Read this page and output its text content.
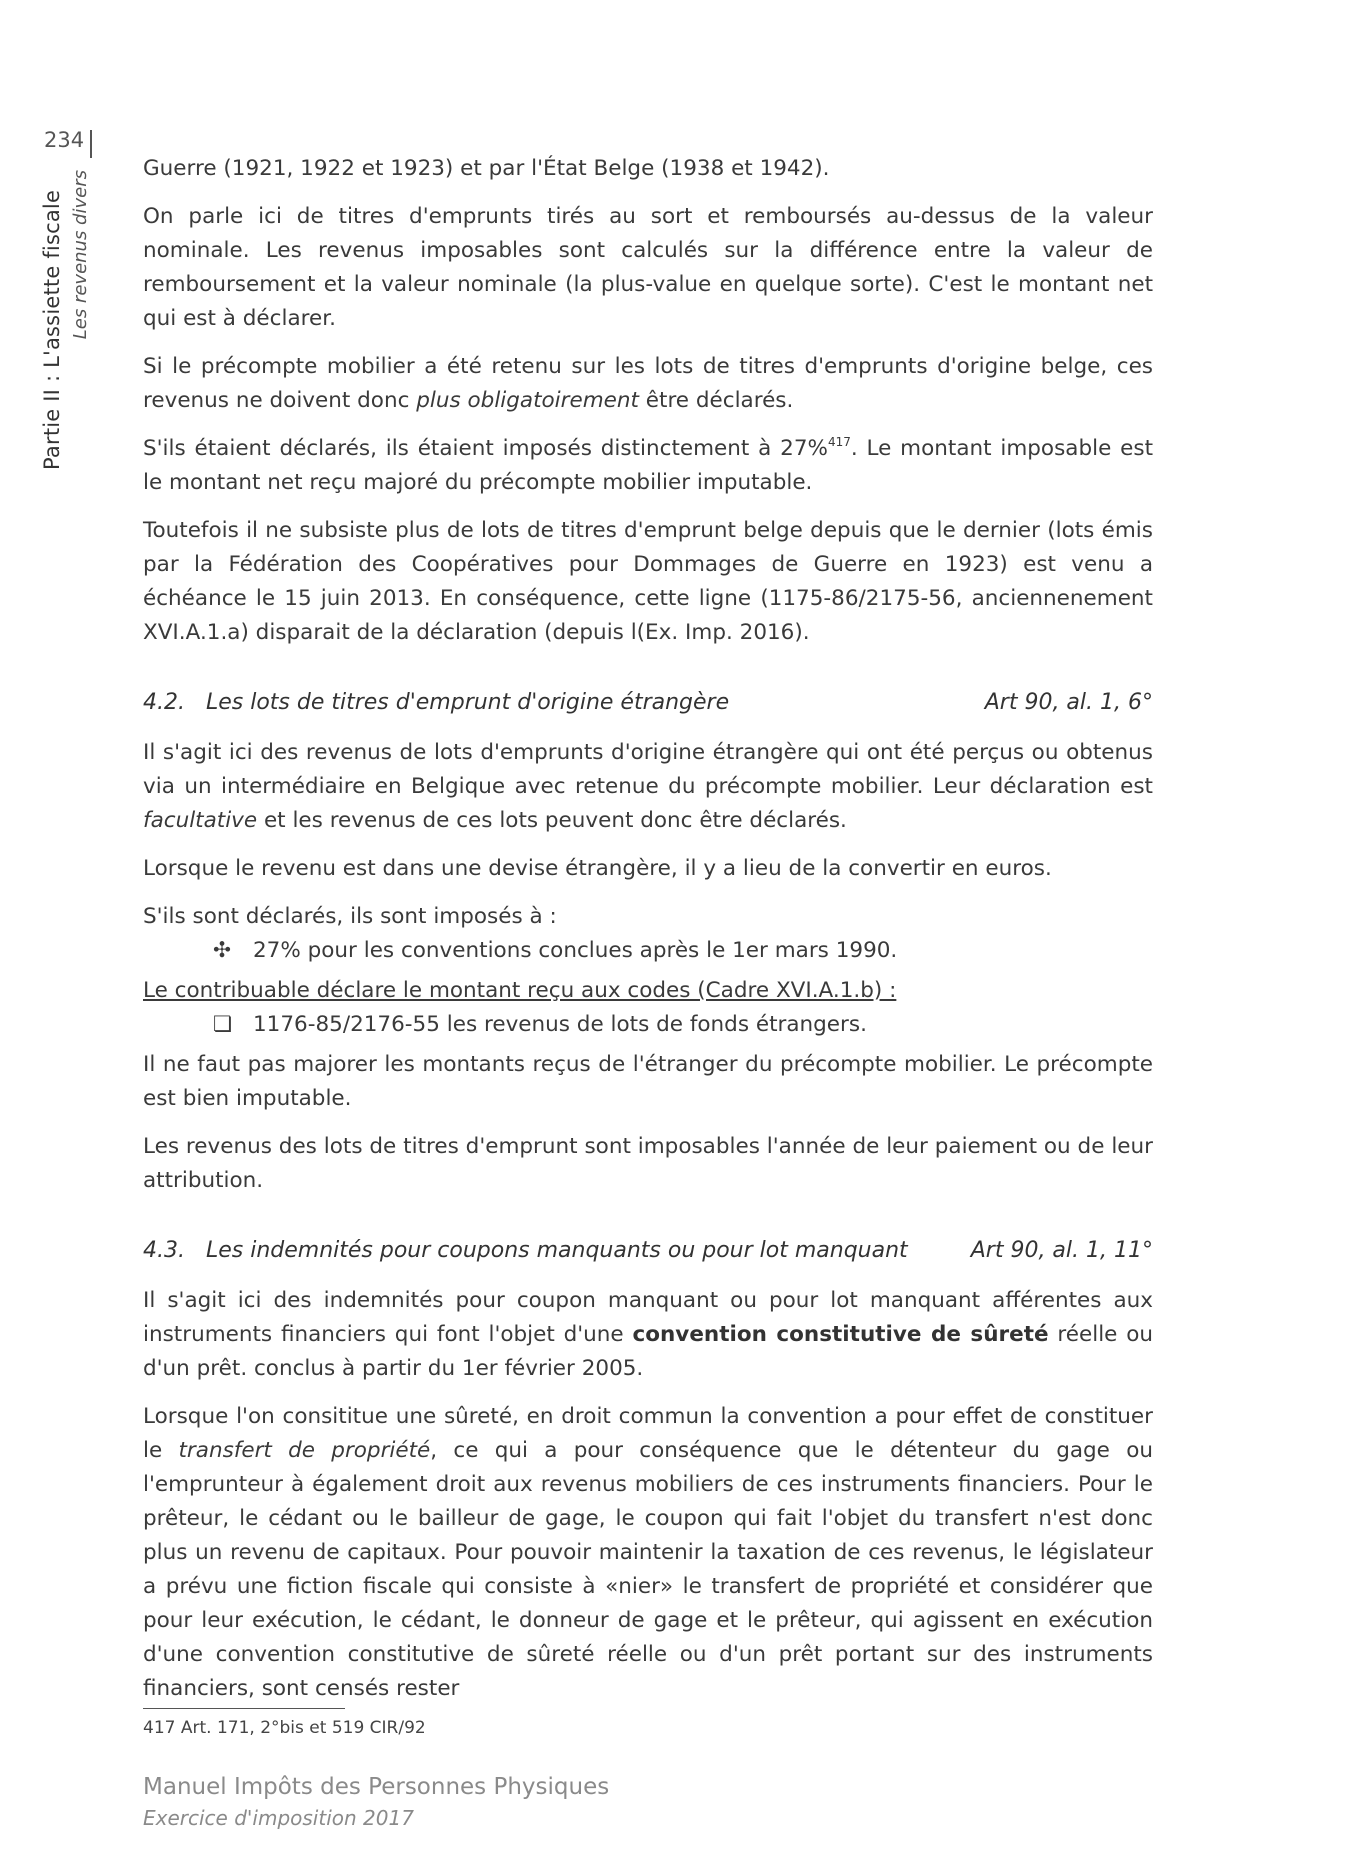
234
Partie II : L'assiette fiscale Les revenus divers

Guerre (1921, 1922 et 1923) et par l'État Belge (1938 et 1942).

On parle ici de titres d'emprunts tirés au sort et remboursés au-dessus de la valeur nominale. Les revenus imposables sont calculés sur la différence entre la valeur de remboursement et la valeur nominale (la plus-value en quelque sorte). C'est le montant net qui est à déclarer.

Si le précompte mobilier a été retenu sur les lots de titres d'emprunts d'origine belge, ces revenus ne doivent donc plus obligatoirement être déclarés.

S'ils étaient déclarés, ils étaient imposés distinctement à 27%$^{417}$. Le montant imposable est le montant net reçu majoré du précompte mobilier imputable.

Toutefois il ne subsiste plus de lots de titres d'emprunt belge depuis que le dernier (lots émis par la Fédération des Coopératives pour Dommages de Guerre en 1923) est venu a échéance le 15 juin 2013. En conséquence, cette ligne (1175-86/2175-56, anciennenement XVI.A.1.a) disparait de la déclaration (depuis l(Ex. Imp. 2016).

4.2.   Les lots de titres d'emprunt d'origine étrangère	Art 90, al. 1, 6°

Il s'agit ici des revenus de lots d'emprunts d'origine étrangère qui ont été perçus ou obtenus via un intermédiaire en Belgique avec retenue du précompte mobilier. Leur déclaration est facultative et les revenus de ces lots peuvent donc être déclarés.

Lorsque le revenu est dans une devise étrangère, il y a lieu de la convertir en euros.

S'ils sont déclarés, ils sont imposés à :

✣ 27% pour les conventions conclues après le 1er mars 1990.

Le contribuable déclare le montant reçu aux codes (Cadre XVI.A.1.b) :

❏ 1176-85/2176-55 les revenus de lots de fonds étrangers.

Il ne faut pas majorer les montants reçus de l'étranger du précompte mobilier. Le précompte est bien imputable.

Les revenus des lots de titres d'emprunt sont imposables l'année de leur paiement ou de leur attribution.

4.3.   Les indemnités pour coupons manquants ou pour lot manquant	Art 90, al. 1, 11°

Il s'agit ici des indemnités pour coupon manquant ou pour lot manquant afférentes aux instruments financiers qui font l'objet d'une convention constitutive de sûreté réelle ou d'un prêt. conclus à partir du 1er février 2005.

Lorsque l'on consititue une sûreté, en droit commun la convention a pour effet de constituer le transfert de propriété, ce qui a pour conséquence que le détenteur du gage ou l'emprunteur à également droit aux revenus mobiliers de ces instruments financiers. Pour le prêteur, le cédant ou le bailleur de gage, le coupon qui fait l'objet du transfert n'est donc plus un revenu de capitaux. Pour pouvoir maintenir la taxation de ces revenus, le législateur a prévu une fiction fiscale qui consiste à «nier» le transfert de propriété et considérer que pour leur exécution, le cédant, le donneur de gage et le prêteur, qui agissent en exécution d'une convention constitutive de sûreté réelle ou d'un prêt portant sur des instruments financiers, sont censés rester

417 Art. 171, 2°bis et 519 CIR/92
Manuel Impôts des Personnes Physiques
Exercice d'imposition 2017
